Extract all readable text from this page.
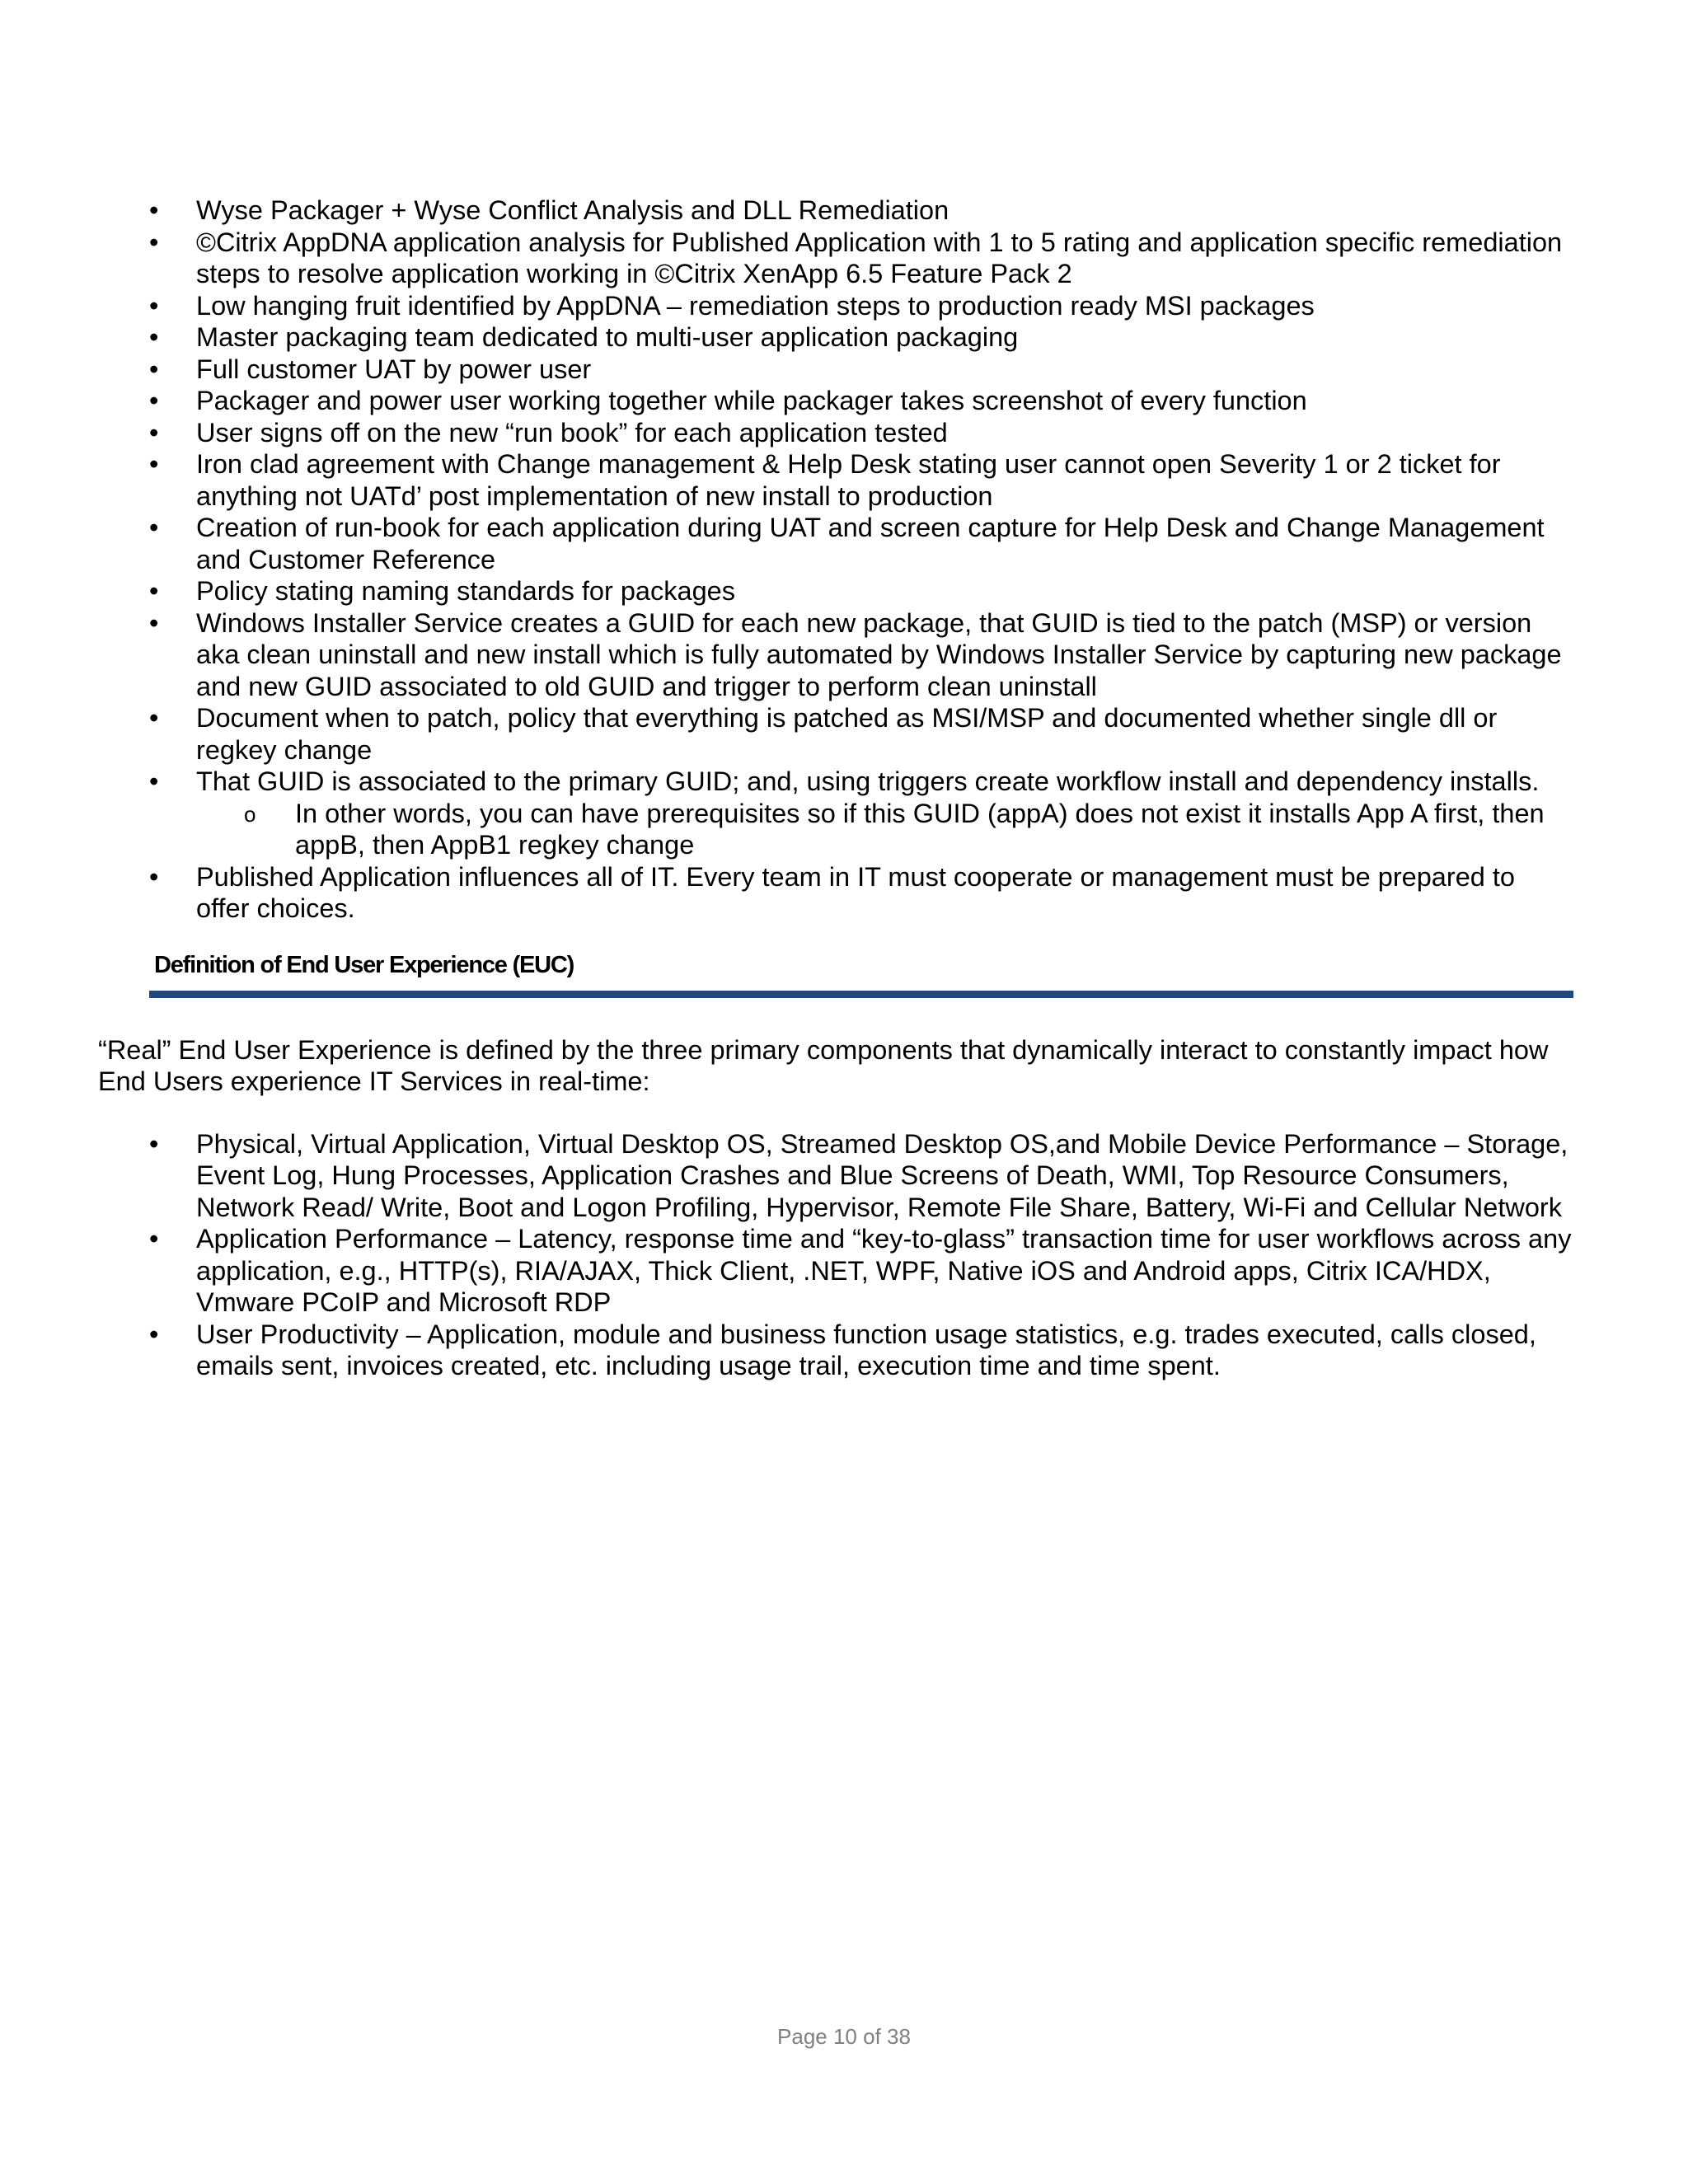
• Wyse Packager + Wyse Conflict Analysis and DLL Remediation
• ©Citrix AppDNA application analysis for Published Application with 1 to 5 rating and application specific remediation steps to resolve application working in ©Citrix XenApp 6.5 Feature Pack 2
• Low hanging fruit identified by AppDNA – remediation steps to production ready MSI packages
• Master packaging team dedicated to multi-user application packaging
• Full customer UAT by power user
• Packager and power user working together while packager takes screenshot of every function
• User signs off on the new “run book” for each application tested
• Iron clad agreement with Change management & Help Desk stating user cannot open Severity 1 or 2 ticket for anything not UATd’ post implementation of new install to production
• Creation of run-book for each application during UAT and screen capture for Help Desk and Change Management and Customer Reference
• Policy stating naming standards for packages
• Windows Installer Service creates a GUID for each new package, that GUID is tied to the patch (MSP) or version aka clean uninstall and new install which is fully automated by Windows Installer Service by capturing new package and new GUID associated to old GUID and trigger to perform clean uninstall
• Document when to patch, policy that everything is patched as MSI/MSP and documented whether single dll or regkey change
• That GUID is associated to the primary GUID; and, using triggers create workflow install and dependency installs.
o In other words, you can have prerequisites so if this GUID (appA) does not exist it installs App A first, then appB, then AppB1 regkey change
• Published Application influences all of IT. Every team in IT must cooperate or management must be prepared to offer choices.
Definition of End User Experience (EUC)
“Real” End User Experience is defined by the three primary components that dynamically interact to constantly impact how End Users experience IT Services in real-time:
• Physical, Virtual Application, Virtual Desktop OS, Streamed Desktop OS,and Mobile Device Performance – Storage, Event Log, Hung Processes, Application Crashes and Blue Screens of Death, WMI, Top Resource Consumers, Network Read/ Write, Boot and Logon Profiling, Hypervisor, Remote File Share, Battery, Wi-Fi and Cellular Network
• Application Performance – Latency, response time and “key-to-glass” transaction time for user workflows across any application, e.g., HTTP(s), RIA/AJAX, Thick Client, .NET, WPF, Native iOS and Android apps, Citrix ICA/HDX, Vmware PCoIP and Microsoft RDP
• User Productivity – Application, module and business function usage statistics, e.g. trades executed, calls closed, emails sent, invoices created, etc. including usage trail, execution time and time spent.
Page 10 of 38
